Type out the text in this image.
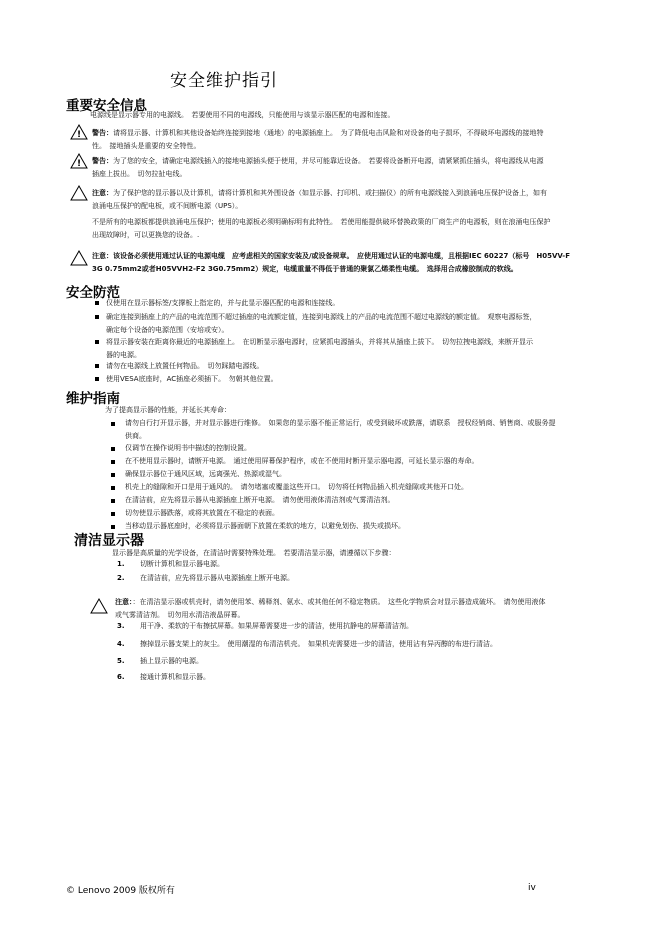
安全维护指引
重要安全信息
电源线是显示器专用的电源线。　若要使用不同的电源线，只能使用与该显示器匹配的电源和连接。
! 警告：请将显示器、计算机和其他设备始终连接到接地（通地）的电源插座上。　为了降低电击风险和对设备的电子损坏，不得破坏电源线的接地特
性。　接地插头是重要的安全特性。
! 警告：为了您的安全，请确定电源线插入的接地电源插头便于使用，并尽可能靠近设备。　若要将设备断开电源，请紧紧抓住插头，将电源线从电源
插座上拔出。　切勿拉扯电线。
注意：为了保护您的显示器以及计算机，请将计算机和其外围设备（如显示器、打印机、或扫描仪）的所有电源线接入到浪涌电压保护设备上，如有
浪涌电压保护的配电板，或不间断电源（UPS）。
不是所有的电源板都提供浪涌电压保护；使用的电源板必须明确标明有此特性。　若使用能提供破坏替换政策的厂商生产的电源板，则在浪涌电压保护
出现故障时，可以更换您的设备。.
注意：该设备必须使用通过认证的电源电缆　应考虑相关的国家安装及/或设备规章。　应使用通过认证的电源电缆，且根据IEC 60227（标号　H05VV-F
3G 0.75mm2或者H05VVH2-F2 3G0.75mm2）规定，电缆重量不得低于普通的聚氯乙烯柔性电缆。　选择用合成橡胶制成的软线。
安全防范
仅使用在显示器标签/支撑板上指定的，并与此显示器匹配的电源和连接线。
确定连接到插座上的产品的电流范围不超过插座的电流额定值，连接到电源线上的产品的电流范围不超过电源线的额定值。　观察电源标签，
确定每个设备的电源范围（安培或安）。
将显示器安装在距离你最近的电源插座上。　在切断显示器电源时，应紧抓电源插头，并将其从插座上拔下。　切勿拉拽电源线，来断开显示
器的电源。
请勿在电源线上放置任何物品。　切勿踩踏电源线。
使用VESA底座时，AC插座必须插下。　勿朝其他位置。
维护指南
为了提高显示器的性能，并延长其寿命：
请勿自行打开显示器，并对显示器进行维修。　如果您的显示器不能正常运行，或受到破坏或跌落，请联系　授权经销商、销售商、或服务提
供商。
仅调节在操作说明书中描述的控制设置。
在不使用显示器时，请断开电源。　通过使用屏幕保护程序，或在不使用时断开显示器电源，可延长显示器的寿命。
确保显示器位于通风区域，远离强光、热源或湿气。
机壳上的缝隙和开口是用于通风的。　请勿堵塞或覆盖这些开口。　切勿将任何物品插入机壳缝隙或其他开口处。
在清洁前，应先将显示器从电源插座上断开电源。　请勿使用液体清洁剂或气雾清洁剂。
切勿使显示器跌落，或将其放置在不稳定的表面。
当移动显示器底座时，必须将显示器面朝下放置在柔软的地方，以避免划伤、损失或损坏。
清洁显示器
显示器是高质量的光学设备，在清洁时需要特殊处理。　若要清洁显示器，请遵循以下步骤：
1. 切断计算机和显示器电源。
2. 在清洁前，应先将显示器从电源插座上断开电源。
注意：：在清洁显示器或机壳时，请勿使用苯、稀释剂、氨水、或其他任何不稳定物质。　这些化学物质会对显示器造成破坏。　请勿使用液体
或气雾清洁剂。　切勿用水清洁液晶屏幕。
3. 用干净、柔软的干布擦拭屏幕。如果屏幕需要进一步的清洁，使用抗静电的屏幕清洁剂。
4. 擦掉显示器支架上的灰尘。　使用潮湿的布清洁机壳。　如果机壳需要进一步的清洁，使用沾有异丙醇的布进行清洁。
5. 插上显示器的电源。
6. 接通计算机和显示器。
© Lenovo 2009 版权所有	iv
